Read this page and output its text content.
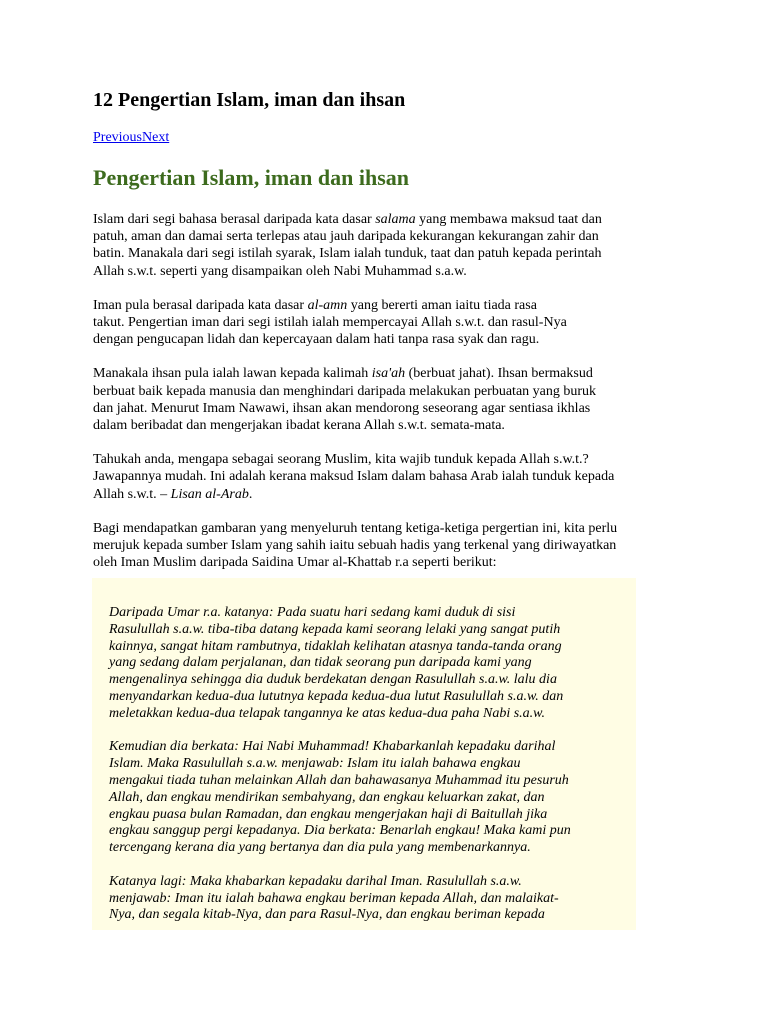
12 Pengertian Islam, iman dan ihsan
PreviousNext
Pengertian Islam, iman dan ihsan
Islam dari segi bahasa berasal daripada kata dasar salama yang membawa maksud taat dan
patuh, aman dan damai serta terlepas atau jauh daripada kekurangan kekurangan zahir dan
batin. Manakala dari segi istilah syarak, Islam ialah tunduk, taat dan patuh kepada perintah
Allah s.w.t. seperti yang disampaikan oleh Nabi Muhammad s.a.w.
Iman pula berasal daripada kata dasar al-amn yang bererti aman iaitu tiada rasa
takut. Pengertian iman dari segi istilah ialah mempercayai Allah s.w.t. dan rasul-Nya
dengan pengucapan lidah dan kepercayaan dalam hati tanpa rasa syak dan ragu.
Manakala ihsan pula ialah lawan kepada kalimah isa'ah (berbuat jahat). Ihsan bermaksud
berbuat baik kepada manusia dan menghindari daripada melakukan perbuatan yang buruk
dan jahat. Menurut Imam Nawawi, ihsan akan mendorong seseorang agar sentiasa ikhlas
dalam beribadat dan mengerjakan ibadat kerana Allah s.w.t. semata-mata.
Tahukah anda, mengapa sebagai seorang Muslim, kita wajib tunduk kepada Allah s.w.t.?
Jawapannya mudah. Ini adalah kerana maksud Islam dalam bahasa Arab ialah tunduk kepada
Allah s.w.t. – Lisan al-Arab.
Bagi mendapatkan gambaran yang menyeluruh tentang ketiga-ketiga pergertian ini, kita perlu
merujuk kepada sumber Islam yang sahih iaitu sebuah hadis yang terkenal yang diriwayatkan
oleh Iman Muslim daripada Saidina Umar al-Khattab r.a seperti berikut:
Daripada Umar r.a. katanya: Pada suatu hari sedang kami duduk di sisi
Rasulullah s.a.w. tiba-tiba datang kepada kami seorang lelaki yang sangat putih
kainnya, sangat hitam rambutnya, tidaklah kelihatan atasnya tanda-tanda orang
yang sedang dalam perjalanan, dan tidak seorang pun daripada kami yang
mengenalinya sehingga dia duduk berdekatan dengan Rasulullah s.a.w. lalu dia
menyandarkan kedua-dua lututnya kepada kedua-dua lutut Rasulullah s.a.w. dan
meletakkan kedua-dua telapak tangannya ke atas kedua-dua paha Nabi s.a.w.
Kemudian dia berkata: Hai Nabi Muhammad! Khabarkanlah kepadaku darihal
Islam. Maka Rasulullah s.a.w. menjawab: Islam itu ialah bahawa engkau
mengakui tiada tuhan melainkan Allah dan bahawasanya Muhammad itu pesuruh
Allah, dan engkau mendirikan sembahyang, dan engkau keluarkan zakat, dan
engkau puasa bulan Ramadan, dan engkau mengerjakan haji di Baitullah jika
engkau sanggup pergi kepadanya. Dia berkata: Benarlah engkau! Maka kami pun
tercengang kerana dia yang bertanya dan dia pula yang membenarkannya.
Katanya lagi: Maka khabarkan kepadaku darihal Iman. Rasulullah s.a.w.
menjawab: Iman itu ialah bahawa engkau beriman kepada Allah, dan malaikat-
Nya, dan segala kitab-Nya, dan para Rasul-Nya, dan engkau beriman kepada
